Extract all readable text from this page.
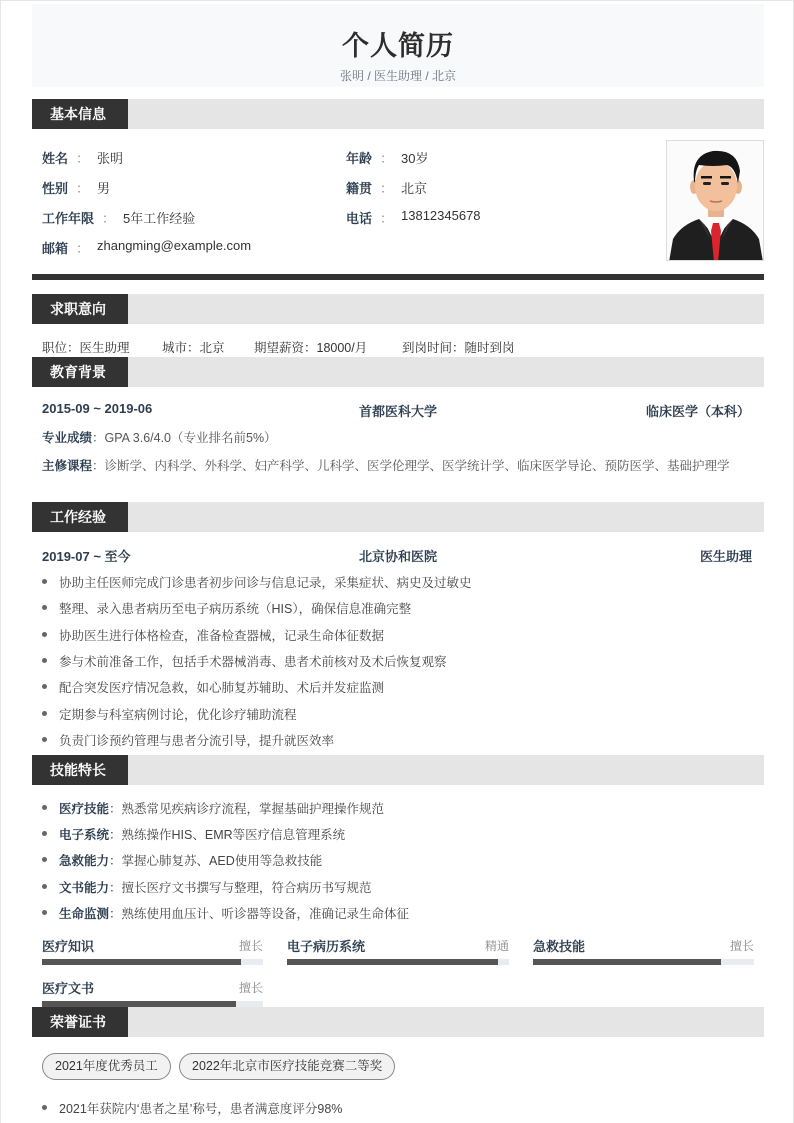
个人简历
张明 / 医生助理 / 北京
基本信息
姓名 ： 张明	年龄 ： 30岁
性别 ： 男	籍贯 ： 北京
工作年限 ： 5年工作经验	电话 ： 13812345678
邮箱 ： zhangming@example.com
求职意向
职位：医生助理	城市：北京 期望薪资：18000/月	到岗时间：随时到岗
教育背景
2015-09 ~ 2019-06	首都医科大学	临床医学（本科）
专业成绩：GPA 3.6/4.0（专业排名前5%）
主修课程：诊断学、内科学、外科学、妇产科学、儿科学、医学伦理学、医学统计学、临床医学导论、预防医学、基础护理学
工作经验
2019-07 ~ 至今	北京协和医院	医生助理
协助主任医师完成门诊患者初步问诊与信息记录，采集症状、病史及过敏史
整理、录入患者病历至电子病历系统（HIS），确保信息准确完整
协助医生进行体格检查，准备检查器械，记录生命体征数据
参与术前准备工作，包括手术器械消毒、患者术前核对及术后恢复观察
配合突发医疗情况急救，如心肺复苏辅助、术后并发症监测
定期参与科室病例讨论，优化诊疗辅助流程
负责门诊预约管理与患者分流引导，提升就医效率
技能特长
医疗技能：熟悉常见疾病诊疗流程，掌握基础护理操作规范
电子系统：熟练操作HIS、EMR等医疗信息管理系统
急救能力：掌握心肺复苏、AED使用等急救技能
文书能力：擅长医疗文书撰写与整理，符合病历书写规范
生命监测：熟练使用血压计、听诊器等设备，准确记录生命体征
医疗知识	擅长 电子病历系统	精通 急救技能	擅长
医疗文书	擅长
荣誉证书
2021年度优秀员工	2022年北京市医疗技能竞赛二等奖
2021年获院内‘患者之星’称号，患者满意度评分98%
